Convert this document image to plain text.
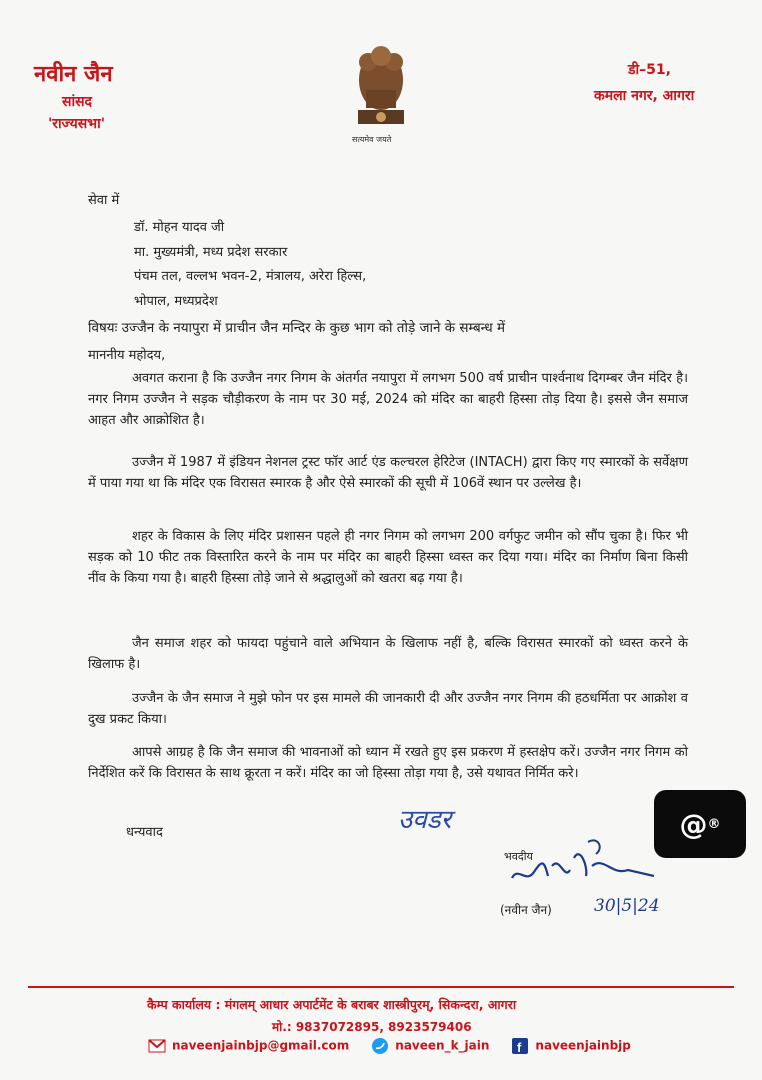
नवीन जैन
सांसद
'राज्यसभा'
सत्यमेव जयते
डी–51,
कमला नगर, आगरा
सेवा में
डॉ. मोहन यादव जी
मा. मुख्यमंत्री, मध्य प्रदेश सरकार
पंचम तल, वल्लभ भवन-2, मंत्रालय, अरेरा हिल्स,
भोपाल, मध्यप्रदेश
विषयः उज्जैन के नयापुरा में प्राचीन जैन मन्दिर के कुछ भाग को तोड़े जाने के सम्बन्ध में
माननीय महोदय,
अवगत कराना है कि उज्जैन नगर निगम के अंतर्गत नयापुरा में लगभग 500 वर्ष प्राचीन पार्श्वनाथ दिगम्बर जैन मंदिर है। नगर निगम उज्जैन ने सड़क चौड़ीकरण के नाम पर 30 मई, 2024 को मंदिर का बाहरी हिस्सा तोड़ दिया है। इससे जैन समाज आहत और आक्रोशित है।
उज्जैन में 1987 में इंडियन नेशनल ट्रस्ट फॉर आर्ट एंड कल्चरल हेरिटेज (INTACH) द्वारा किए गए स्मारकों के सर्वेक्षण में पाया गया था कि मंदिर एक विरासत स्मारक है और ऐसे स्मारकों की सूची में 106वें स्थान पर उल्लेख है।
शहर के विकास के लिए मंदिर प्रशासन पहले ही नगर निगम को लगभग 200 वर्गफुट जमीन को सौंप चुका है। फिर भी सड़क को 10 फीट तक विस्तारित करने के नाम पर मंदिर का बाहरी हिस्सा ध्वस्त कर दिया गया। मंदिर का निर्माण बिना किसी नींव के किया गया है। बाहरी हिस्सा तोड़े जाने से श्रद्धालुओं को खतरा बढ़ गया है।
जैन समाज शहर को फायदा पहुंचाने वाले अभियान के खिलाफ नहीं है, बल्कि विरासत स्मारकों को ध्वस्त करने के खिलाफ है।
उज्जैन के जैन समाज ने मुझे फोन पर इस मामले की जानकारी दी और उज्जैन नगर निगम की हठधर्मिता पर आक्रोश व दुख प्रकट किया।
आपसे आग्रह है कि जैन समाज की भावनाओं को ध्यान में रखते हुए इस प्रकरण में हस्तक्षेप करें। उज्जैन नगर निगम को निर्देशित करें कि विरासत के साथ क्रूरता न करें। मंदिर का जो हिस्सा तोड़ा गया है, उसे यथावत निर्मित करे।
उवडर
धन्यवाद
भवदीय
(नवीन जैन) 30|5|24
@ ®
कैम्प कार्यालय : मंगलम् आधार अपार्टमेंट के बराबर शास्त्रीपुरम्, सिकन्दरा, आगरा
मो.: 9837072895, 8923579406
naveenjainbjp@gmail.com	naveen_k_jain f naveenjainbjp
